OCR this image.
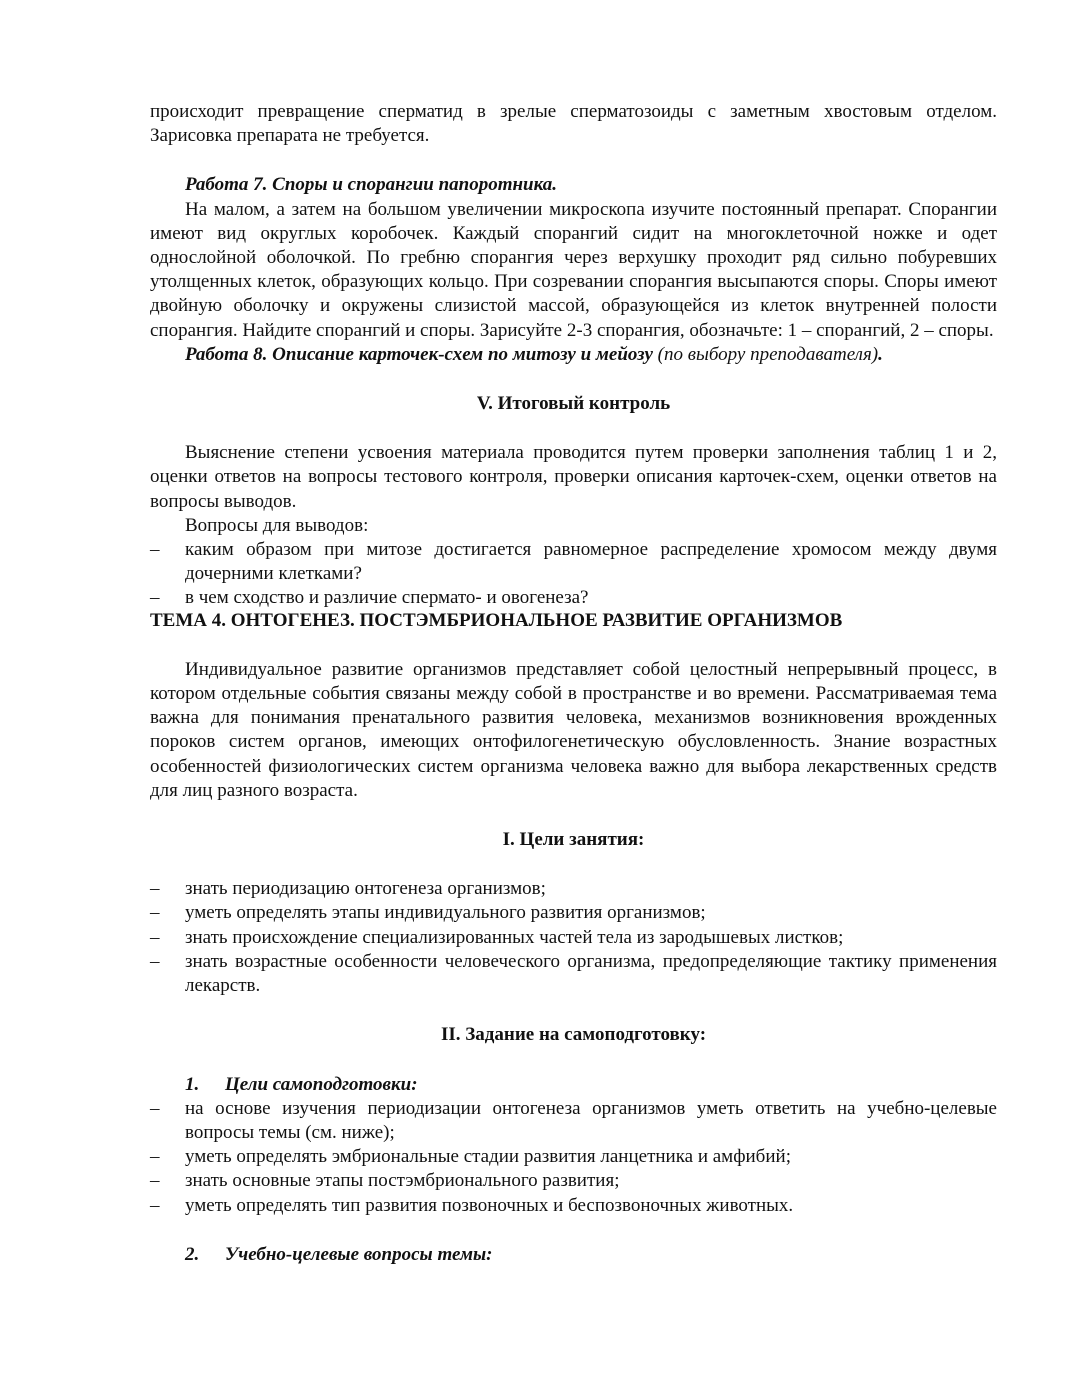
происходит превращение сперматид в зрелые сперматозоиды с заметным хвостовым отделом. Зарисовка препарата не требуется.

Работа 7. Споры и спорангии папоротника.

На малом, а затем на большом увеличении микроскопа изучите постоянный препарат. Спорангии имеют вид округлых коробочек. Каждый спорангий сидит на многоклеточной ножке и одет однослойной оболочкой. По гребню спорангия через верхушку проходит ряд сильно побуревших утолщенных клеток, образующих кольцо. При созревании спорангия высыпаются споры. Споры имеют двойную оболочку и окружены слизистой массой, образующейся из клеток внутренней полости спорангия. Найдите спорангий и споры. Зарисуйте 2-3 спорангия, обозначьте: 1 – спорангий, 2 – споры.

Работа 8. Описание карточек-схем по митозу и мейозу (по выбору преподавателя).

V. Итоговый контроль

Выяснение степени усвоения материала проводится путем проверки заполнения таблиц 1 и 2, оценки ответов на вопросы тестового контроля, проверки описания карточек-схем, оценки ответов на вопросы выводов.

Вопросы для выводов:

– каким образом при митозе достигается равномерное распределение хромосом между двумя дочерними клетками?
– в чем сходство и различие спермато- и овогенеза?

ТЕМА 4. ОНТОГЕНЕЗ. ПОСТЭМБРИОНАЛЬНОЕ РАЗВИТИЕ ОРГАНИЗМОВ

Индивидуальное развитие организмов представляет собой целостный непрерывный процесс, в котором отдельные события связаны между собой в пространстве и во времени. Рассматриваемая тема важна для понимания пренатального развития человека, механизмов возникновения врожденных пороков систем органов, имеющих онтофилогенетическую обусловленность. Знание возрастных особенностей физиологических систем организма человека важно для выбора лекарственных средств для лиц разного возраста.

I. Цели занятия:

– знать периодизацию онтогенеза организмов;
– уметь определять этапы индивидуального развития организмов;
– знать происхождение специализированных частей тела из зародышевых листков;
– знать возрастные особенности человеческого организма, предопределяющие тактику применения лекарств.

II. Задание на самоподготовку:

1. Цели самоподготовки:

– на основе изучения периодизации онтогенеза организмов уметь ответить на учебно-целевые вопросы темы (см. ниже);
– уметь определять эмбриональные стадии развития ланцетника и амфибий;
– знать основные этапы постэмбрионального развития;
– уметь определять тип развития позвоночных и беспозвоночных животных.

2. Учебно-целевые вопросы темы:
